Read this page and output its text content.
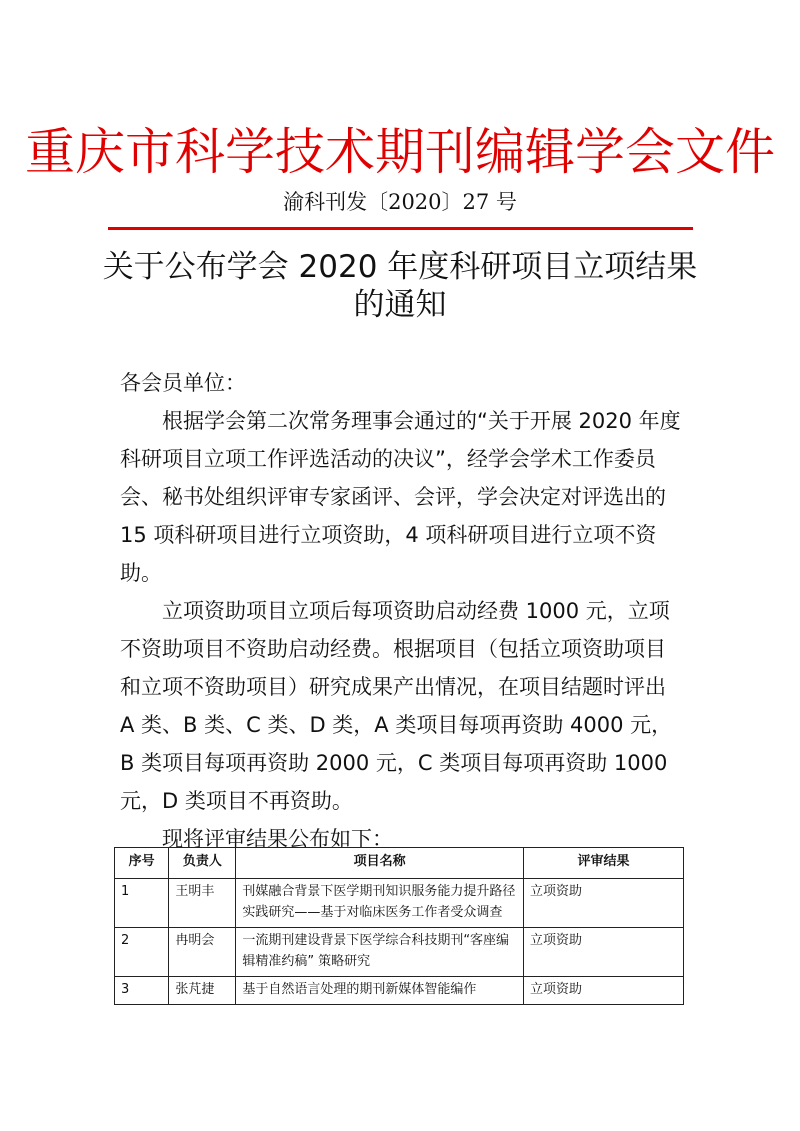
重庆市科学技术期刊编辑学会文件
渝科刊发〔2020〕27 号
关于公布学会 2020 年度科研项目立项结果
的通知

各会员单位：

根据学会第二次常务理事会通过的“关于开展 2020 年度科研项目立项工作评选活动的决议”，经学会学术工作委员会、秘书处组织评审专家函评、会评，学会决定对评选出的 15 项科研项目进行立项资助，4 项科研项目进行立项不资助。

立项资助项目立项后每项资助启动经费 1000 元，立项不资助项目不资助启动经费。根据项目（包括立项资助项目和立项不资助项目）研究成果产出情况，在项目结题时评出 A 类、B 类、C 类、D 类，A 类项目每项再资助 4000 元，B 类项目每项再资助 2000 元，C 类项目每项再资助 1000 元，D 类项目不再资助。

现将评审结果公布如下：

序号	负责人	项目名称	评审结果
1	王明丰	刊媒融合背景下医学期刊知识服务能力提升路径实践研究——基于对临床医务工作者受众调查	立项资助
2	冉明会	一流期刊建设背景下医学综合科技期刊“客座编辑精准约稿” 策略研究	立项资助
3	张芃捷	基于自然语言处理的期刊新媒体智能编作	立项资助
